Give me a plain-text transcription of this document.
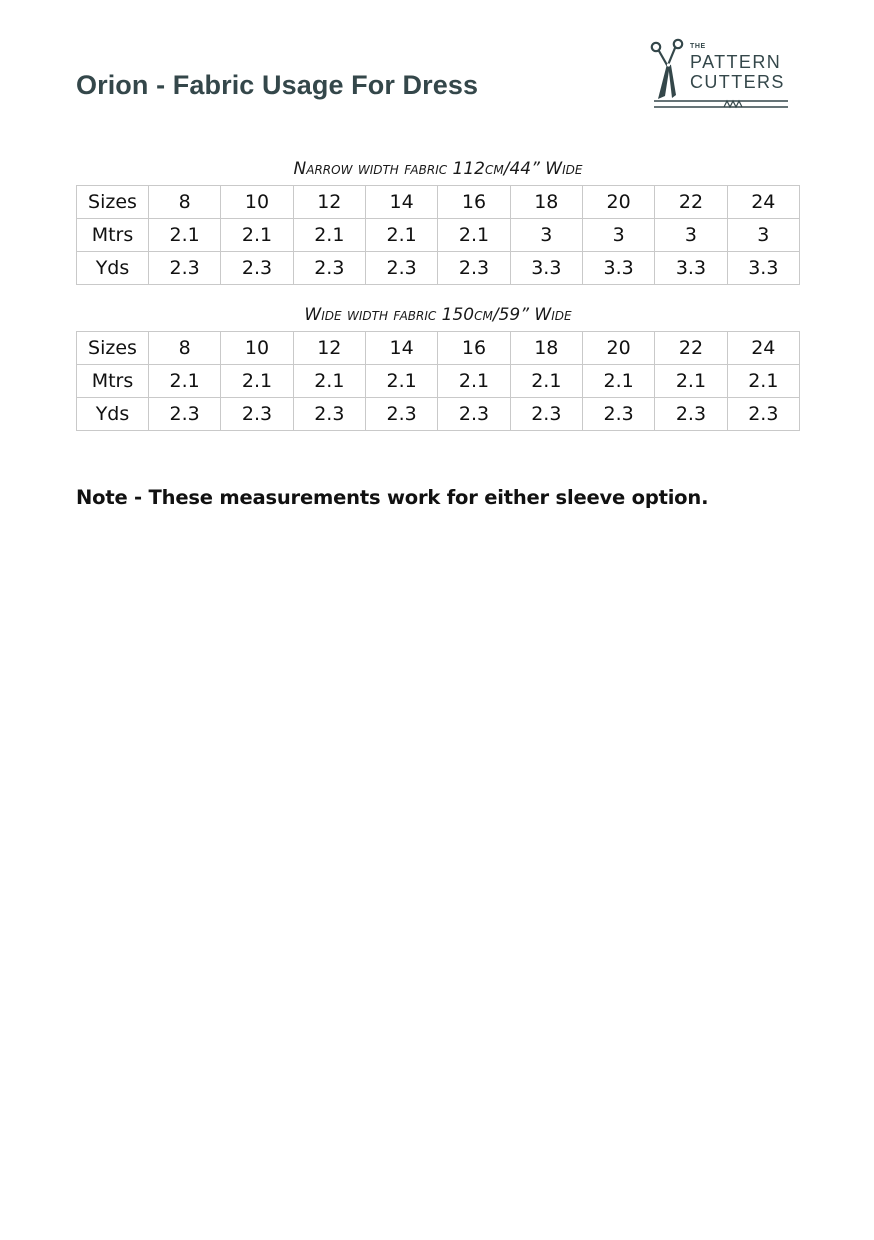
Orion - Fabric Usage For Dress
THE
PATTERN
CUTTERS
Narrow width fabric 112cm/44” Wide
Sizes	8	10	12	14	16	18	20	22	24
Mtrs	2.1	2.1	2.1	2.1	2.1	3	3	3	3
Yds	2.3	2.3	2.3	2.3	2.3	3.3	3.3	3.3	3.3
Wide width fabric 150cm/59” Wide
Sizes	8	10	12	14	16	18	20	22	24
Mtrs	2.1	2.1	2.1	2.1	2.1	2.1	2.1	2.1	2.1
Yds	2.3	2.3	2.3	2.3	2.3	2.3	2.3	2.3	2.3
Note - These measurements work for either sleeve option.
